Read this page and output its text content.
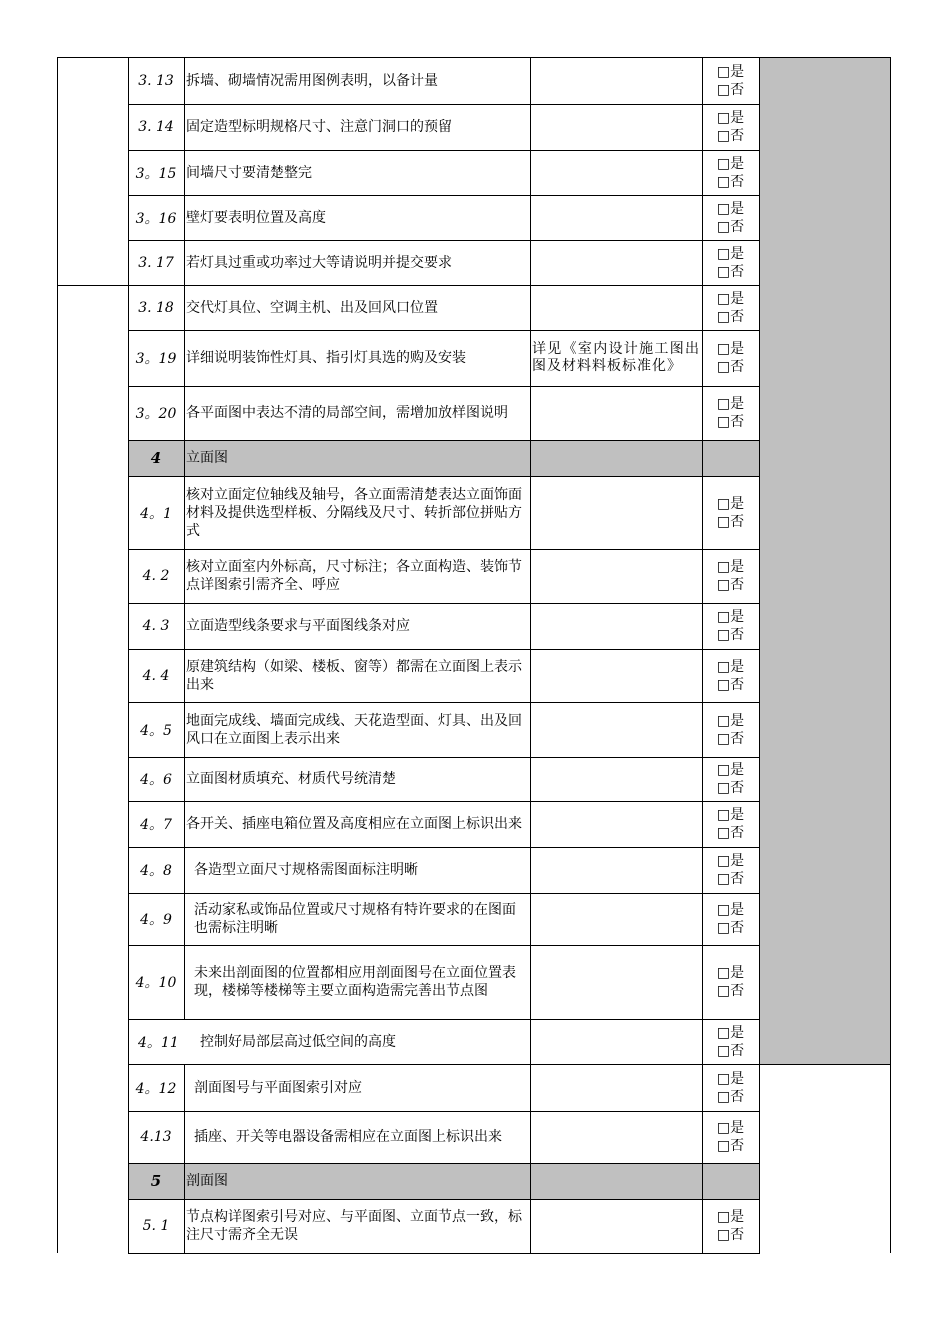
3. 13 拆墙、砌墙情况需用图例表明，以备计量
□是
□否
3. 14 固定造型标明规格尺寸、注意门洞口的预留
□是
□否
3。15 间墙尺寸要清楚整完
□是
□否
3。16 壁灯要表明位置及高度
□是
□否
3. 17 若灯具过重或功率过大等请说明并提交要求
□是
□否
3. 18 交代灯具位、空调主机、出及回风口位置
□是
□否
3。19 详细说明装饰性灯具、指引灯具选的购及安装
详见《室内设计施工图出图及材料料板标准化》
□是
□否
3。20 各平面图中表达不清的局部空间，需增加放样图说明
□是
□否
4	立面图
4。1
核对立面定位轴线及轴号，各立面需清楚表达立面饰面材料及提供选型样板、分隔线及尺寸、转折部位拼贴方式
□是
□否
4. 2
核对立面室内外标高，尺寸标注；各立面构造、装饰节点详图索引需齐全、呼应
□是
□否
4. 3	立面造型线条要求与平面图线条对应
□是
□否
4. 4
原建筑结构（如梁、楼板、窗等）都需在立面图上表示出来
□是
□否
4。5
地面完成线、墙面完成线、天花造型面、灯具、出及回风口在立面图上表示出来
□是
□否
4。6	立面图材质填充、材质代号统清楚
□是
□否
4。7	各开关、插座电箱位置及高度相应在立面图上标识出来
□是
□否
4。8	各造型立面尺寸规格需图面标注明晰
□是
□否
4。9
活动家私或饰品位置或尺寸规格有特许要求的在图面也需标注明晰
□是
□否
4。10
未来出剖面图的位置都相应用剖面图号在立面位置表现，楼梯等楼梯等主要立面构造需完善出节点图
□是
□否
4。11	控制好局部层高过低空间的高度
□是
□否
4。12	剖面图号与平面图索引对应
□是
□否
4.13	插座、开关等电器设备需相应在立面图上标识出来
□是
□否
5	剖面图
5. 1
节点构详图索引号对应、与平面图、立面节点一致，标注尺寸需齐全无误
□是
□否
